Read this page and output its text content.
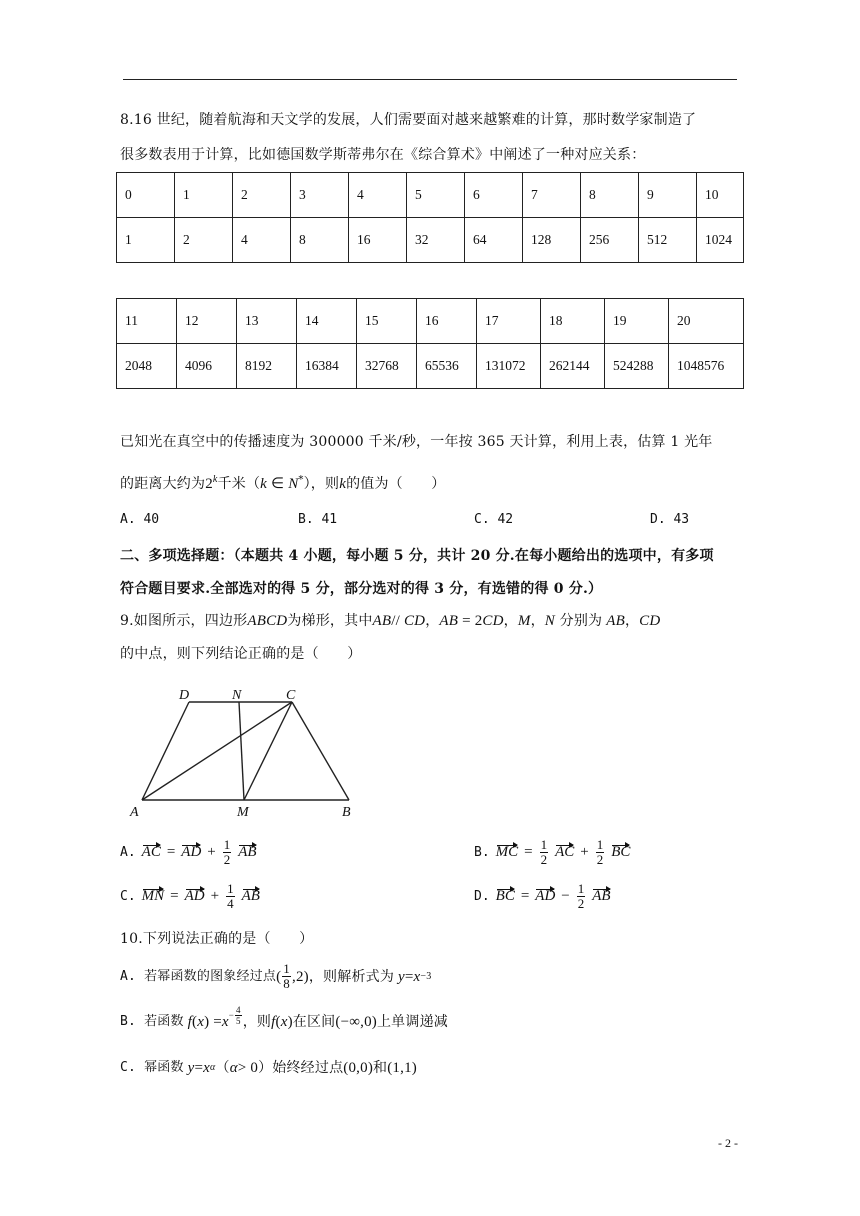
8.16 世纪，随着航海和天文学的发展，人们需要面对越来越繁难的计算，那时数学家制造了
很多数表用于计算，比如德国数学斯蒂弗尔在《综合算术》中阐述了一种对应关系：
0	1	2	3	4	5	6	7	8	9	10
1	2	4	8	16	32	64	128	256	512	1024
11	12	13	14	15	16	17	18	19	20
2048	4096	8192	16384	32768	65536	131072	262144	524288	1048576
已知光在真空中的传播速度为 300000 千米/秒，一年按 365 天计算，利用上表，估算 1 光年
的距离大约为2$^k$千米（k ∈ N*），则k的值为（　　）
A. 40	B. 41	C. 42	D. 43
二、多项选择题：（本题共 4 小题，每小题 5 分，共计 20 分.在每小题给出的选项中，有多项
符合题目要求.全部选对的得 5 分，部分选对的得 3 分，有选错的得 0 分.）
9.如图所示，四边形ABCD为梯形，其中AB// CD，AB = 2CD，M，N 分别为 AB，CD
的中点，则下列结论正确的是（　　）
D	N	C
A	M	B
A. AC = AD + $\frac{1}{2}$ AB	B. MC = $\frac{1}{2}$ AC + $\frac{1}{2}$ BC
C. MN = AD + $\frac{1}{4}$ AB	D. BC = AD − $\frac{1}{2}$ AB
10.下列说法正确的是（　　）
A. 若幂函数的图象经过点 ( $\frac{1}{8} ,2$) ，则解析式为 y = x −3
B. 若函数 f ( x ) = $x - \frac{4}{5}$ ，则 f ( x ) 在区间 (−∞,0) 上单调递减
C. 幂函数 y = x α （ α > 0 ）始终经过点 (0,0) 和 (1,1)
- 2 -
